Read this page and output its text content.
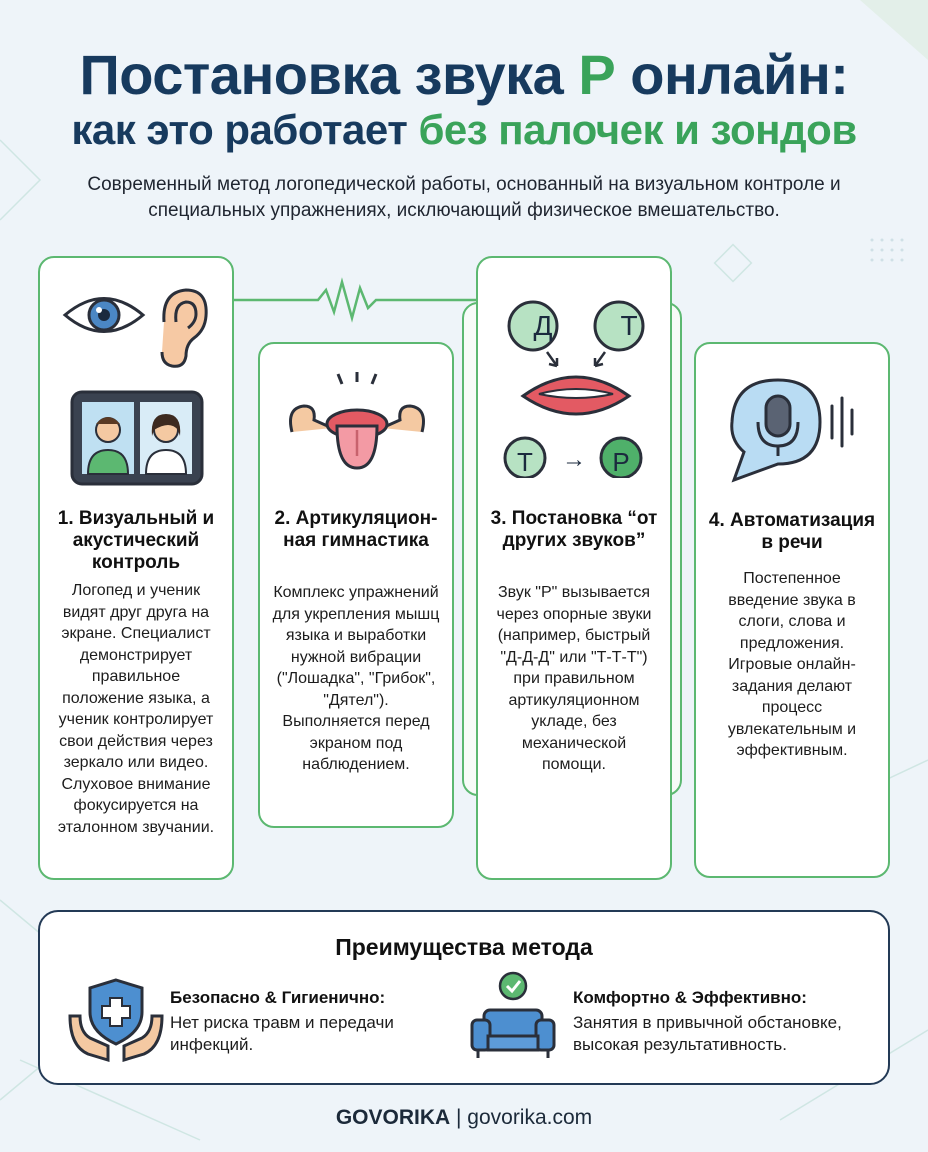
Постановка звука Р онлайн:
как это работает без палочек и зондов
Современный метод логопедической работы, основанный на визуальном контроле и специальных упражнениях, исключающий физическое вмешательство.
1. Визуальный и акустический контроль

Логопед и ученик видят друг друга на экране. Специалист демонстрирует правильное положение языка, а ученик контролирует свои действия через зеркало или видео. Слуховое внимание фокусируется на эталонном звучании.

2. Артикуляцион-ная гимнастика

Комплекс упражнений для укрепления мышц языка и выработки нужной вибрации ("Лошадка", "Грибок", "Дятел"). Выполняется перед экраном под наблюдением.

Д	Т
Т	→	Р
3. Постановка “от других звуков”

Звук "Р" вызывается через опорные звуки (например, быстрый "Д-Д-Д" или "Т-Т-Т") при правильном артикуляционном укладе, без механической помощи.

4. Автоматизация в речи

Постепенное введение звука в слоги, слова и предложения. Игровые онлайн-задания делают процесс увлекательным и эффективным.

Преимущества метода
Безопасно & Гигиенично:
Нет риска травм и передачи инфекций.
Комфортно & Эффективно:
Занятия в привычной обстановке, высокая результативность.
GOVORIKA | govorika.com
